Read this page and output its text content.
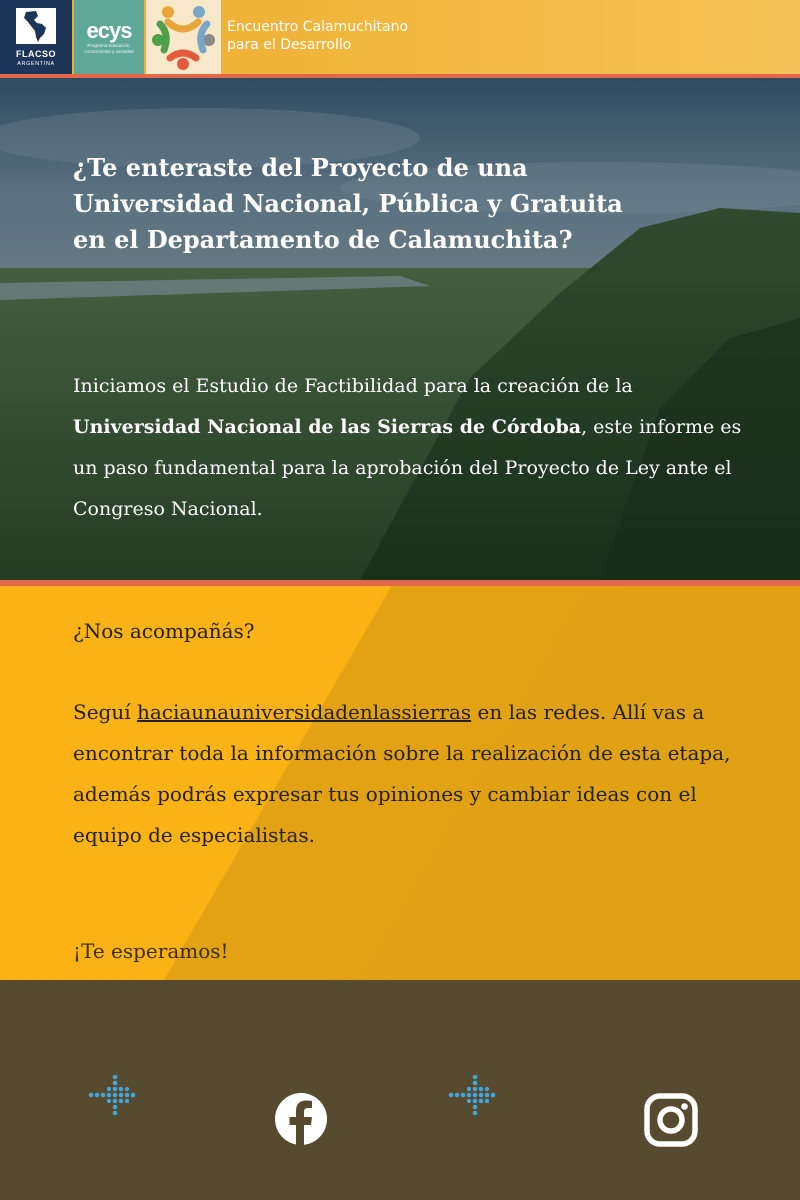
FLACSO
ARGENTINA
ecys
Programa Educación, conocimiento y sociedad
Encuentro Calamuchitano
para el Desarrollo
¿Te enteraste del Proyecto de una Universidad Nacional, Pública y Gratuita en el Departamento de Calamuchita?

Iniciamos el Estudio de Factibilidad para la creación de la Universidad Nacional de las Sierras de Córdoba, este informe es un paso fundamental para la aprobación del Proyecto de Ley ante el Congreso Nacional.

¿Nos acompañás?

Seguí haciaunauniversidadenlassierras en las redes. Allí vas a encontrar toda la información sobre la realización de esta etapa, además podrás expresar tus opiniones y cambiar ideas con el equipo de especialistas.

¡Te esperamos!
